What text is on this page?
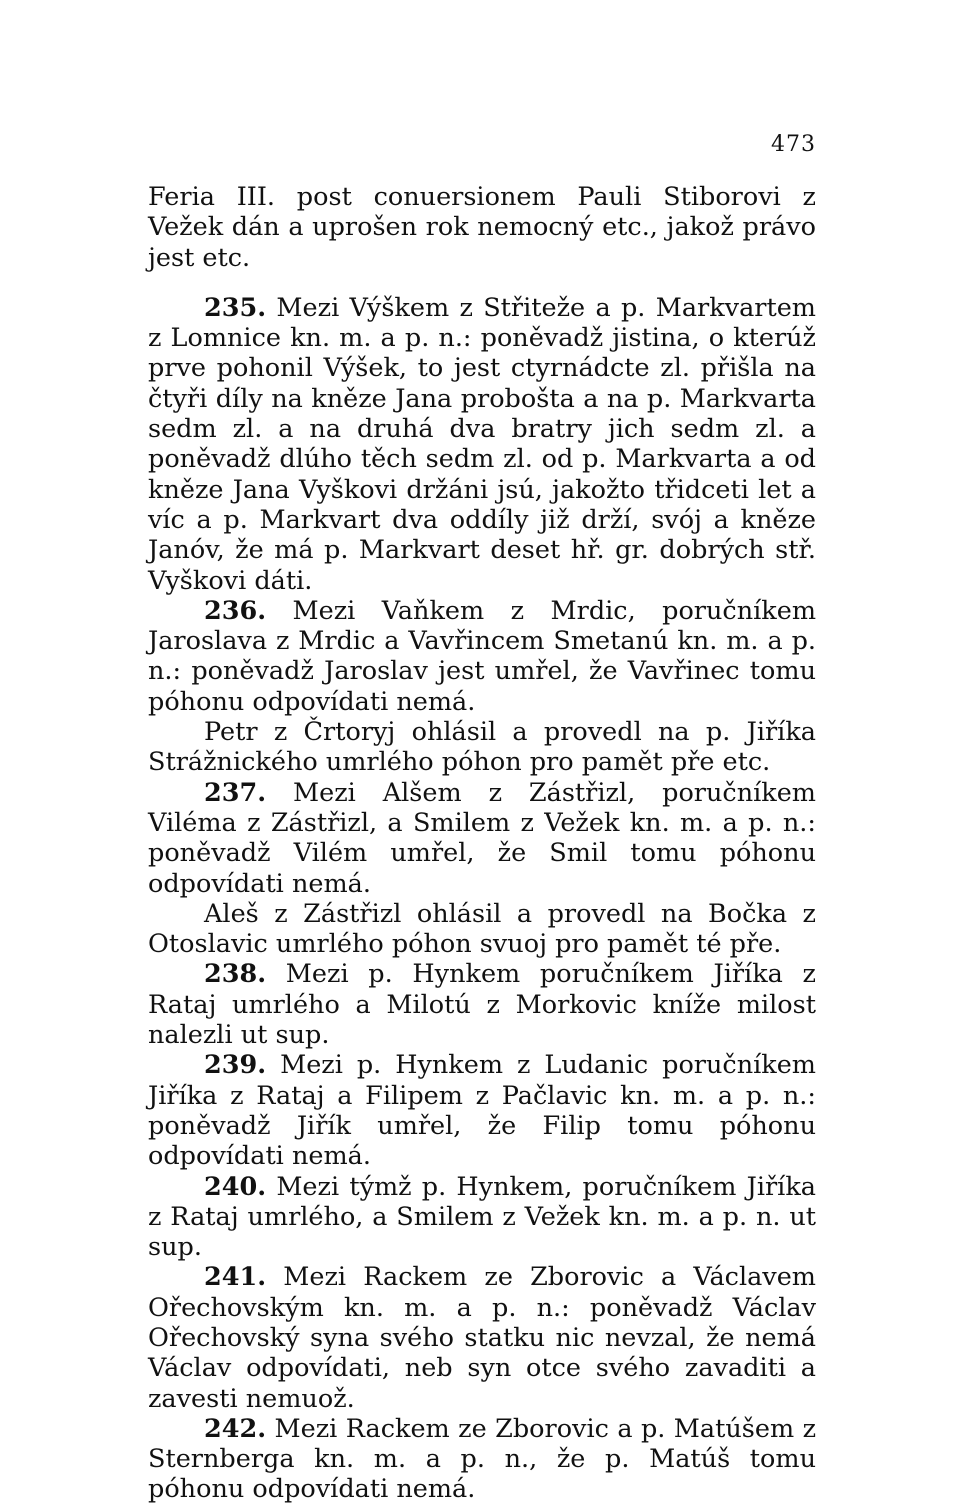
473

Feria III. post conuersionem Pauli Stiborovi z Vežek dán a uprošen rok nemocný etc., jakož právo jest etc.

235. Mezi Výškem z Střiteže a p. Markvartem z Lomnice kn. m. a p. n.: poněvadž jistina, o kterúž prve pohonil Výšek, to jest ctyrnádcte zl. přišla na čtyři díly na kněze Jana probošta a na p. Markvarta sedm zl. a na druhá dva bratry jich sedm zl. a poněvadž dlúho těch sedm zl. od p. Markvarta a od kněze Jana Vyškovi držáni jsú, jakožto třidceti let a víc a p. Markvart dva oddíly již drží, svój a kněze Janóv, že má p. Markvart deset hř. gr. dobrých stř. Vyškovi dáti.

236. Mezi Vaňkem z Mrdic, poručníkem Jaroslava z Mrdic a Vavřincem Smetanú kn. m. a p. n.: poněvadž Jaroslav jest umřel, že Vavřinec tomu póhonu odpovídati nemá.

Petr z Črtoryj ohlásil a provedl na p. Jiříka Strážnického umrlého póhon pro pamět pře etc.

237. Mezi Alšem z Zástřizl, poručníkem Viléma z Zástřizl, a Smilem z Vežek kn. m. a p. n.: poněvadž Vilém umřel, že Smil tomu póhonu odpovídati nemá.

Aleš z Zástřizl ohlásil a provedl na Bočka z Otoslavic umrlého póhon svuoj pro pamět té pře.

238. Mezi p. Hynkem poručníkem Jiříka z Rataj umrlého a Milotú z Morkovic kníže milost nalezli ut sup.

239. Mezi p. Hynkem z Ludanic poručníkem Jiříka z Rataj a Filipem z Pačlavic kn. m. a p. n.: poněvadž Jiřík umřel, že Filip tomu póhonu odpovídati nemá.

240. Mezi týmž p. Hynkem, poručníkem Jiříka z Rataj umrlého, a Smilem z Vežek kn. m. a p. n. ut sup.

241. Mezi Rackem ze Zborovic a Václavem Ořechovským kn. m. a p. n.: poněvadž Václav Ořechovský syna svého statku nic nevzal, že nemá Václav odpovídati, neb syn otce svého zavaditi a zavesti nemuož.

242. Mezi Rackem ze Zborovic a p. Matúšem z Sternberga kn. m. a p. n., že p. Matúš tomu póhonu odpovídati nemá.
